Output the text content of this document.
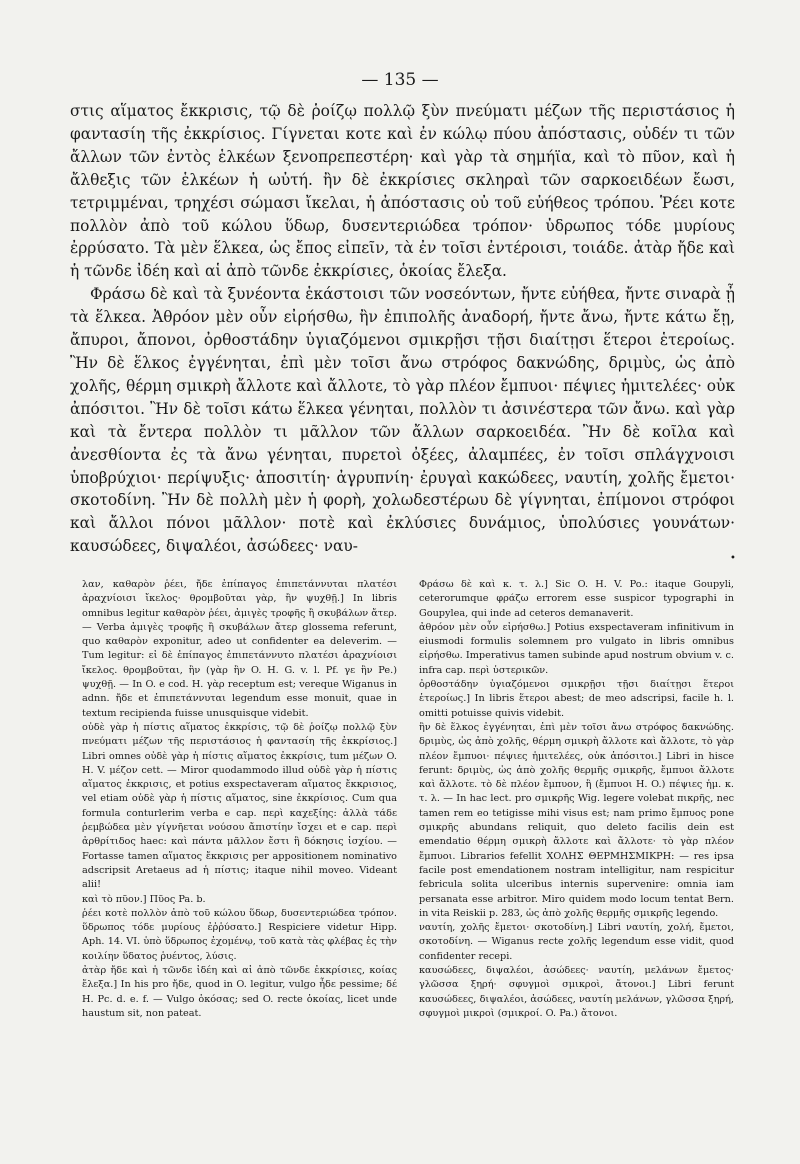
— 135 —

στις αἵματος ἔκκρισις, τῷ δὲ ῥοίζῳ πολλῷ ξὺν πνεύματι μέζων τῆς περιστάσιος ἡ φαντασίη τῆς ἐκκρίσιος. Γίγνεται κοτε καὶ ἐν κώλῳ πύου ἀπόστασις, οὐδέν τι τῶν ἄλλων τῶν ἐντὸς ἑλκέων ξενοπρεπεστέρη· καὶ γὰρ τὰ σημήϊα, καὶ τὸ πῦον, καὶ ἡ ἄλθεξις τῶν ἑλκέων ἡ ωὐτή. ἢν δὲ ἐκκρίσιες σκληραὶ τῶν σαρκοειδέων ἔωσι, τετριμμέναι, τρηχέσι σώμασι ἴκελαι, ἡ ἀπόστασις οὐ τοῦ εὐήθεος τρόπου. Ῥέει κοτε πολλὸν ἀπὸ τοῦ κώλου ὕδωρ, δυσεντεριώδεα τρόπον· ὑδρωπος τόδε μυρίους ἐρρύσατο. Τὰ μὲν ἕλκεα, ὡς ἔπος εἰπεῖν, τὰ ἐν τοῖσι ἐντέροισι, τοιάδε. ἀτὰρ ἤδε καὶ ἡ τῶνδε ἰδέη καὶ αἱ ἀπὸ τῶνδε ἐκκρίσιες, ὁκοίας ἔλεξα.

Φράσω δὲ καὶ τὰ ξυνέοντα ἑκάστοισι τῶν νοσεόντων, ἤντε εὐήθεα, ἤντε σιναρὰ ᾖ τὰ ἕλκεα. Ἀθρόον μὲν οὖν εἰρήσθω, ἢν ἐπιπολῆς ἀναδορή, ἤντε ἄνω, ἤντε κάτω ἔῃ, ἄπυροι, ἄπονοι, ὀρθοστάδην ὑγιαζόμενοι σμικρῇσι τῇσι διαίτῃσι ἕτεροι ἑτεροίως. Ἢν δὲ ἕλκος ἐγγένηται, ἐπὶ μὲν τοῖσι ἄνω στρόφος δακνώδης, δριμὺς, ὡς ἀπὸ χολῆς, θέρμη σμικρὴ ἄλλοτε καὶ ἄλλοτε, τὸ γὰρ πλέον ἔμπυοι· πέψιες ἡμιτελέες· οὐκ ἀπόσιτοι. Ἢν δὲ τοῖσι κάτω ἕλκεα γένηται, πολλὸν τι ἀσινέστερα τῶν ἄνω. καὶ γὰρ καὶ τὰ ἔντερα πολλὸν τι μᾶλλον τῶν ἄλλων σαρκοειδέα. Ἢν δὲ κοῖλα καὶ ἀνεσθίοντα ἐς τὰ ἄνω γένηται, πυρετοὶ ὀξέες, ἀλαμπέες, ἐν τοῖσι σπλάγχνοισι ὑποβρύχιοι· περίψυξις· ἀποσιτίη· ἀγρυπνίη· ἐρυγαὶ κακώδεες, ναυτίη, χολῆς ἔμετοι· σκοτοδίνη. Ἢν δὲ πολλὴ μὲν ἡ φορὴ, χολωδεστέρωυ δὲ γίγνηται, ἐπίμονοι στρόφοι καὶ ἄλλοι πόνοι μᾶλλον· ποτὲ καὶ ἐκλύσιες δυνάμιος, ὑπολύσιες γουνάτων· καυσώδεες, διψαλέοι, ἀσώδεες· ναυ-

•

λαν, καθαρὸν ῥέει, ἤδε ἐπίπαγος ἐπιπετάννυται πλατέσι ἀραχνίοισι ἴκελος· θρομβοῦται γὰρ, ἢν ψυχθῇ.] In libris omnibus legitur καθαρὸν ῥέει, ἀμιγὲς τροφῆς ἢ σκυβάλων ἄτερ. — Verba ἀμιγὲς τροφῆς ἢ σκυβάλων ἄτερ glossema referunt, quo καθαρὸν exponitur, adeo ut confidenter ea deleverim. — Tum legitur: εἰ δὲ ἐπίπαγος ἐπιπετάννυτο πλατέσι ἀραχνίοισι ἴκελος. θρομβοῦται, ἢν (γὰρ ἢν O. H. G. v. l. Pf. γε ἢν Pe.) ψυχθῇ. — In O. e cod. H. γὰρ receptum est; vereque Wiganus in adnn. ἤδε et ἐπιπετάννυται legendum esse monuit, quae in textum recipienda fuisse unusquisque videbit.

οὐδὲ γὰρ ἡ πίστις αἵματος ἐκκρίσις, τῷ δὲ ῥοίζῳ πολλῷ ξὺν πνεύματι μέζων τῆς περιστάσιος ἡ φαντασίη τῆς ἐκκρίσιος.] Libri omnes οὐδὲ γὰρ ἡ πίστις αἵματος ἐκκρίσις, tum μέζων O. H. V. μέζον cett. — Miror quodammodo illud οὐδὲ γὰρ ἡ πίστις αἵματος ἐκκρισις, et potius exspectaveram αἵματος ἔκκρισιος, vel etiam οὐδὲ γὰρ ἡ πίστις αἵματος, sine ἐκκρίσιος. Cum qua formula conturlerim verba e cap. περὶ καχεξίης: ἀλλὰ τάδε ῥεμβώδεα μὲν γίγνῆεται νούσου ἄπιστίην ἴσχει et e cap. περὶ ἀρθρίτιδος haec: καὶ πάντα μᾶλλον ἔστι ἢ δόκησις ἰσχίου. — Fortasse tamen αἵματος ἔκκρισις per appositionem nominativo adscripsit Aretaeus ad ἡ πίστις; itaque nihil moveo. Videant alii!

καὶ τὸ πῦον.] Πῦος Pa. b.

ῥέει κοτὲ πολλὸν ἀπὸ τοῦ κώλου ὕδωρ, δυσεντεριώδεα τρόπον. ὕδρωπος τόδε μυρίους ἐῤῥύσατο.] Respiciere videtur Hipp. Aph. 14. VI. ὑπὸ ὕδρωπος ἐχομένῳ, τοῦ κατὰ τὰς φλέβας ἐς τὴν κοιλίην ὕδατος ῥυέντος, λύσις.

ἀτὰρ ἤδε καὶ ἡ τῶνδε ἰδέη καὶ αἱ ἀπὸ τῶνδε ἐκκρίσιες, κοίας ἔλεξα.] In his pro ἤδε, quod in O. legitur, vulgo ἦδε pessime; δέ H. Pc. d. e. f. — Vulgo ὁκόσας; sed O. recte ὁκοίας, licet unde haustum sit, non pateat.

Φράσω δὲ καὶ κ. τ. λ.] Sic O. H. V. Po.: itaque Goupyli, ceterorumque φράζω errorem esse suspicor typographi in Goupylea, qui inde ad ceteros demanaverit.

ἀθρόον μὲν οὖν εἰρήσθω.] Potius exspectaveram infinitivum in eiusmodi formulis solemnem pro vulgato in libris omnibus εἰρήσθω. Imperativus tamen subinde apud nostrum obvium v. c. infra cap. περὶ ὑστερικῶν.

ὀρθοστάδην ὑγιαζόμενοι σμικρῇσι τῇσι διαίτῃσι ἕτεροι ἑτεροίως.] In libris ἕτεροι abest; de meo adscripsi, facile h. l. omitti potuisse quivis videbit.

ἢν δὲ ἕλκος ἐγγένηται, ἐπὶ μὲν τοῖσι ἄνω στρόφος δακνώδης. δριμὺς, ὡς ἀπὸ χολῆς, θέρμη σμικρὴ ἄλλοτε καὶ ἄλλοτε, τὸ γὰρ πλέον ἔμπυοι· πέψιες ἡμιτελέες, οὐκ ἀπόσιτοι.] Libri in hisce ferunt: δριμὺς, ὡς ἀπὸ χολῆς θερμῆς σμικρῆς, ἔμπυοι ἄλλοτε καὶ ἄλλοτε. τὸ δὲ πλέον ἔμπυον, ἢ (ἔμπυοι H. O.) πέψιες ἡμ. κ. τ. λ. — In hac lect. pro σμικρῆς Wig. legere volebat πικρῆς, nec tamen rem eo tetigisse mihi visus est; nam primo ἔμπυος pone σμικρῆς abundans reliquit, quo deleto facilis dein est emendatio θέρμη σμικρὴ ἄλλοτε καὶ ἄλλοτε· τὸ γὰρ πλέον ἔμπυοι. Librarios fefellit ΧΟΛΗΣ ΘΕΡΜΗΣΜΙΚΡΗ: — res ipsa facile post emendationem nostram intelligitur, nam respicitur febricula solita ulceribus internis supervenire: omnia iam persanata esse arbitror. Miro quidem modo locum tentat Bern. in vita Reiskii p. 283, ὡς ἀπὸ χολῆς θερμῆς σμικρῆς legendo.

ναυτίη, χολῆς ἔμετοι· σκοτοδίνη.] Libri ναυτίη, χολή, ἔμετοι, σκοτοδίνη. — Wiganus recte χολῆς legendum esse vidit, quod confidenter recepi.

καυσώδεες, διψαλέοι, ἀσώδεες· ναυτίη, μελάνων ἔμετος· γλῶσσα ξηρή· σφυγμοὶ σμικροὶ, ἄτονοι.] Libri ferunt καυσώδεες, διψαλέοι, ἀσώδεες, ναυτίη μελάνων, γλῶσσα ξηρή, σφυγμοὶ μικροὶ (σμικροί. O. Pa.) ἄτονοι.
